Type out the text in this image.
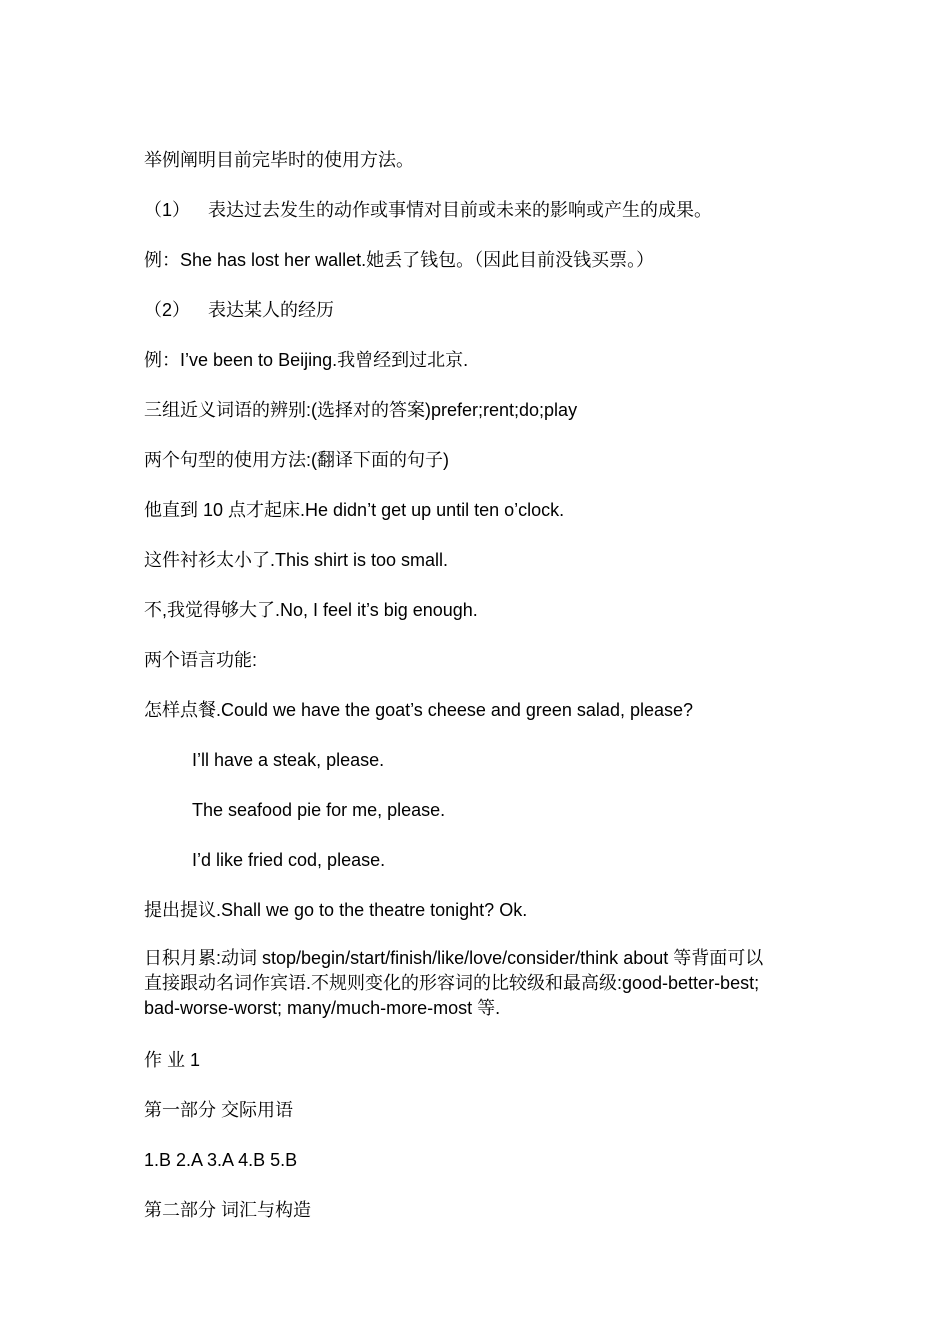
举例阐明目前完毕时的使用方法。
（1） 表达过去发生的动作或事情对目前或未来的影响或产生的成果。
例：She has lost her wallet.她丢了钱包。（因此目前没钱买票。）
（2） 表达某人的经历
例：I’ve been to Beijing.我曾经到过北京.
三组近义词语的辨别:(选择对的答案)prefer;rent;do;play
两个句型的使用方法:(翻译下面的句子)
他直到 10 点才起床.He didn’t get up until ten o’clock.
这件衬衫太小了.This shirt is too small.
不,我觉得够大了.No, I feel it’s big enough.
两个语言功能:
怎样点餐.Could we have the goat’s cheese and green salad, please?
I’ll have a steak, please.
The seafood pie for me, please.
I’d like fried cod, please.
提出提议.Shall we go to the theatre tonight? Ok.
日积月累:动词 stop/begin/start/finish/like/love/consider/think about 等背面可以
直接跟动名词作宾语.不规则变化的形容词的比较级和最高级:good-better-best;
bad-worse-worst; many/much-more-most 等.
作 业 1
第一部分 交际用语
1.B 2.A 3.A 4.B 5.B
第二部分 词汇与构造
